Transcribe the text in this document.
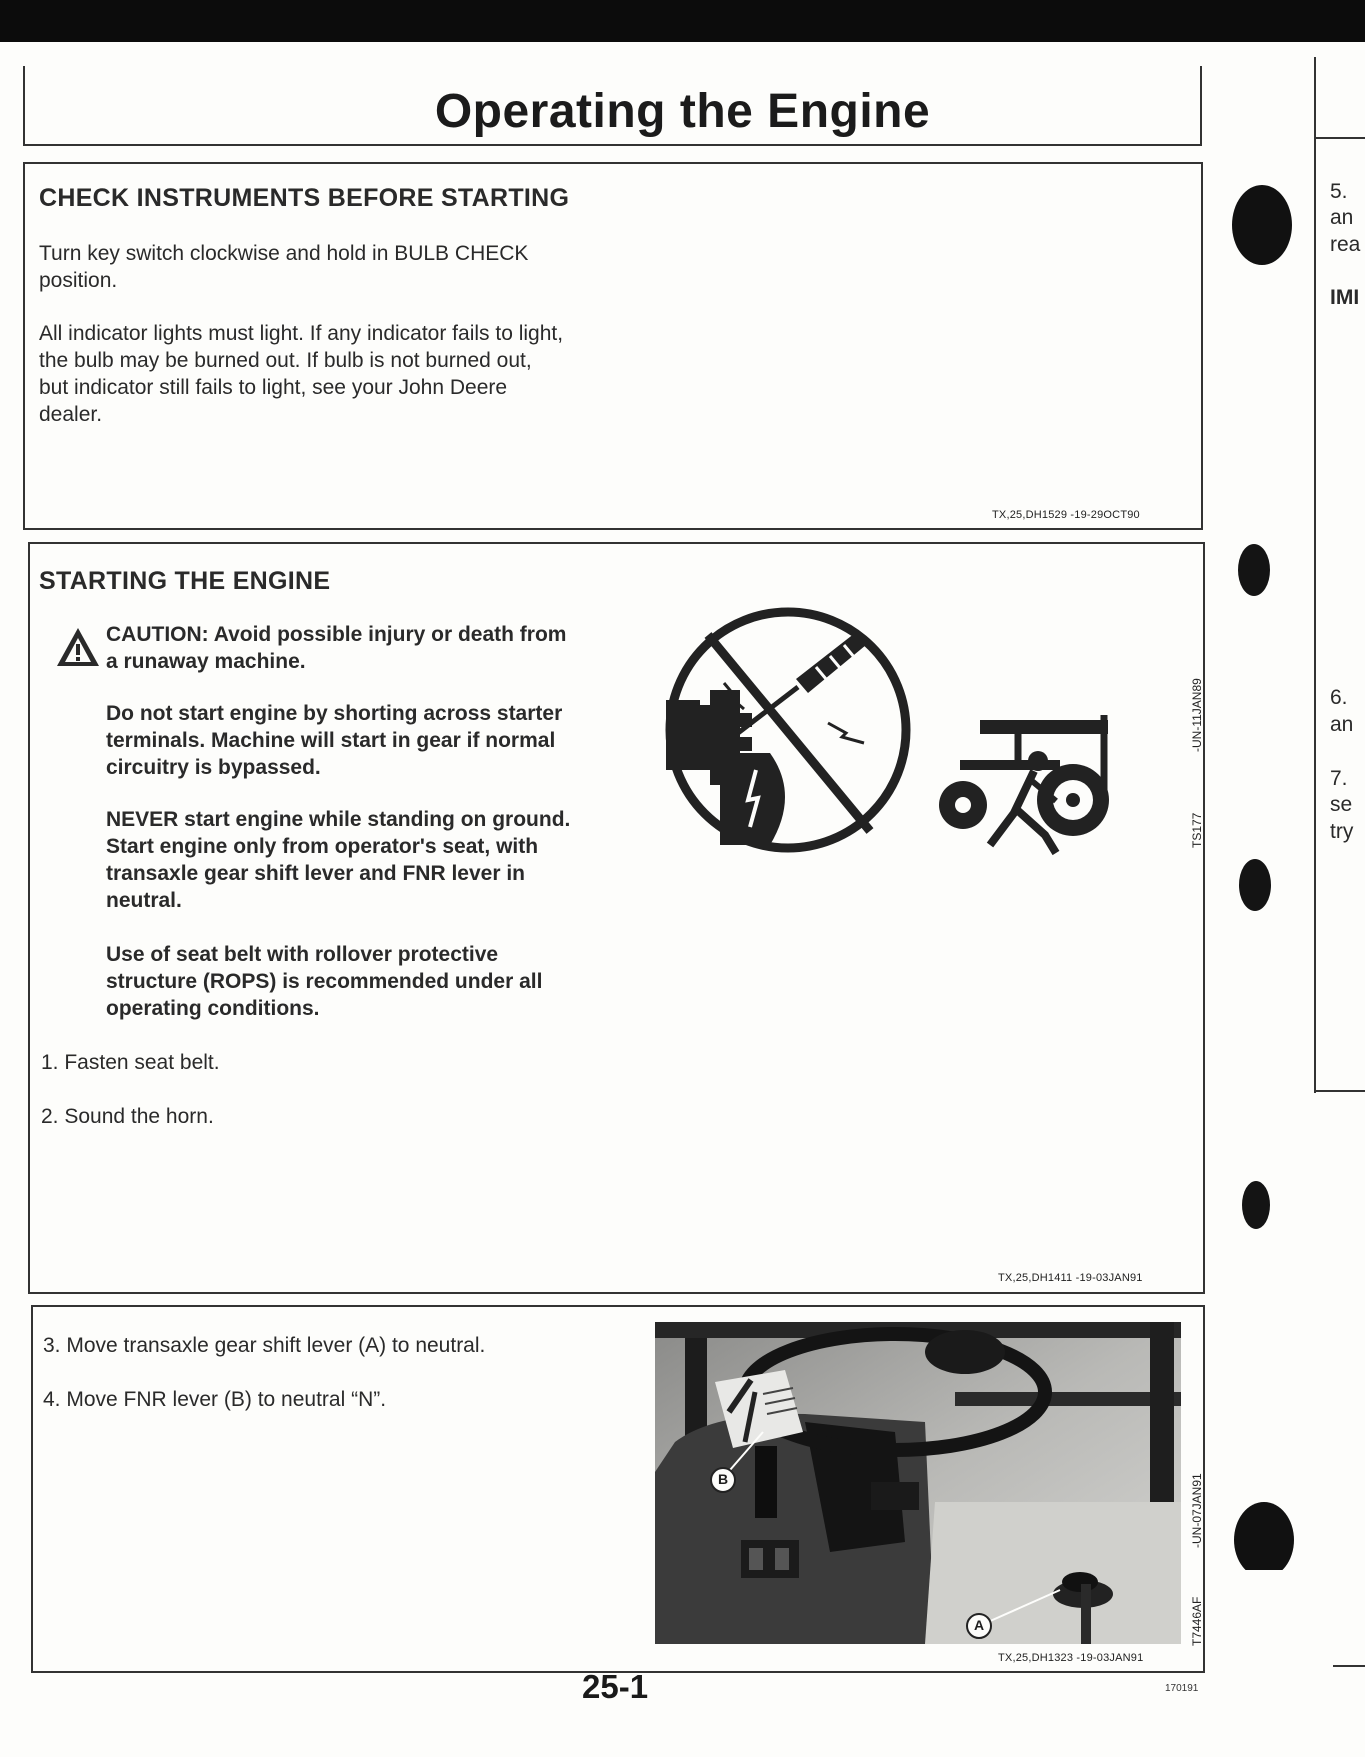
Operating the Engine
CHECK INSTRUMENTS BEFORE STARTING
Turn key switch clockwise and hold in BULB CHECK
position.
All indicator lights must light. If any indicator fails to light,
the bulb may be burned out. If bulb is not burned out,
but indicator still fails to light, see your John Deere
dealer.
TX,25,DH1529 -19-29OCT90
STARTING THE ENGINE
CAUTION: Avoid possible injury or death from
a runaway machine.
Do not start engine by shorting across starter
terminals. Machine will start in gear if normal
circuitry is bypassed.
NEVER start engine while standing on ground.
Start engine only from operator's seat, with
transaxle gear shift lever and FNR lever in
neutral.
Use of seat belt with rollover protective
structure (ROPS) is recommended under all
operating conditions.
1. Fasten seat belt.
2. Sound the horn.
-UN-11JAN89
TS177
TX,25,DH1411 -19-03JAN91
3. Move transaxle gear shift lever (A) to neutral.
4. Move FNR lever (B) to neutral “N”.
B
A
-UN-07JAN91
T7446AF
TX,25,DH1323 -19-03JAN91
25-1	170191
5.
an
rea
IMI
6.
an
7.
se
try
